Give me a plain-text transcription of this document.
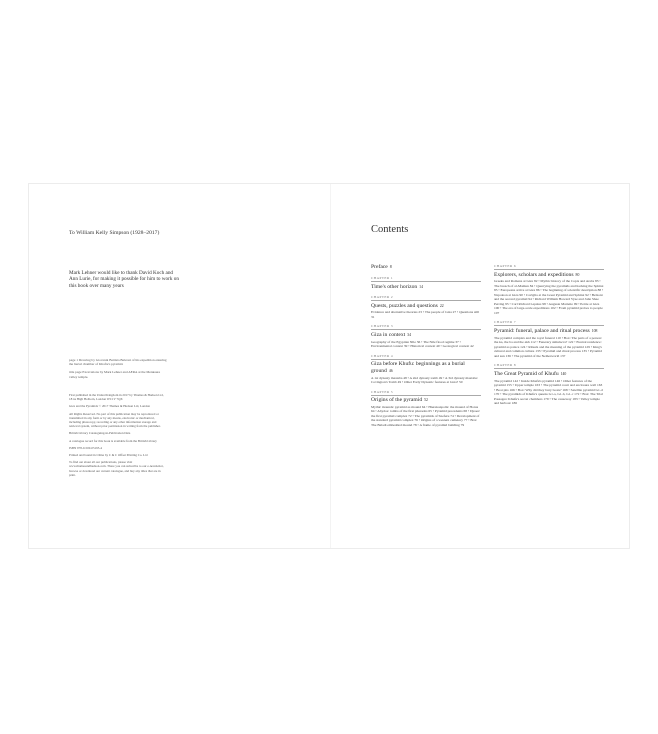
To William Kelly Simpson (1928–2017)
Mark Lehner would like to thank David Koch and Ann Lurie, for making it possible for him to work on this book over many years

page 1 Drawing by Giovanni Battista Belzoni of his expedition entering the burial chamber of Khafre's pyramid.

title page Excavations by Mark Lehner and AERA at the Menkaure valley temple.

First published in the United Kingdom in 2017 by Thames & Hudson Ltd, 181A High Holborn, London WC1V 7QX

Giza and the Pyramids © 2017 Thames & Hudson Ltd, London

All Rights Reserved. No part of this publication may be reproduced or transmitted in any form or by any means, electronic or mechanical, including photocopy, recording or any other information storage and retrieval system, without prior permission in writing from the publisher.

British Library Cataloguing-in-Publication Data

A catalogue record for this book is available from the British Library

ISBN 978-0-500-05195-4

Printed and bound in China by C & C Offset Printing Co. Ltd

To find out about all our publications, please visit www.thamesandhudson.com. There you can subscribe to our e-newsletter, browse or download our current catalogue, and buy any titles that are in print.

Contents
Preface 8
CHAPTER 1
Time's other horizon 14
CHAPTER 2
Quests, puzzles and questions 22
Evidence and alternative theories 23 • The people of Giza 27 • Questions still 31
CHAPTER 3
Giza in context 34
Geography of the Egyptian Nile 36 • The Nile flood regime 37 • Environmental context 39 • Historical context 40 • Geological context 42
CHAPTER 4
Giza before Khufu: beginnings as a burial ground 46
A 1st dynasty mastaba 48 • A 2nd dynasty tomb 49 • A 3rd dynasty mastaba: Covington's Tomb 49 • Other Early Dynastic features at Giza? 50
CHAPTER 5
Origins of the pyramid 52
Mythic mounds: pyramid as mound 64 • Hierakonpolis: the mound of Horus 64 • Abydos: tombs of the first pharaohs 65 • Pyramid precedents 68 • Djoser: the first pyramid complex 72 • The pyramids of Sneferu 74 • Development of the standard pyramid complex 76 • Origins of a western cemetery 77 • Box: The Baladi embedded mound 78 • A frame of pyramid building 79
CHAPTER 6
Explorers, scholars and expeditions 80
Greeks and Romans at Giza 82 • Mythic history of the Copts and Arabs 83 • The breach of al-Mamun 84 • Quarrying the pyramids and hacking the Sphinx 85 • Europeans arrive at Giza 86 • The beginning of scientific description 88 • Napoleon at Giza 90 • Caviglia at the Great Pyramid and Sphinx 92 • Belzoni and the second pyramid 94 • Richard William Howard Vyse and John Shae Perring 95 • Carl Richard Lepsius 98 • Auguste Mariette 99 • Petrie at Giza 100 • The era of large-scale expeditions 102 • From pyramid probes to people 107
CHAPTER 7
Pyramid: funeral, palace and ritual process 108
The pyramid complex and the royal funeral 110 • Box: The parts of a person: the ka, the ba and the akh 112 • Funerary simulacra? 122 • Eternal residence: pyramid as palace 124 • Rituals and the meaning of the pyramid 129 • King's cultural and common culture 133 • Pyramid and ritual process 135 • Pyramid and sun 136 • The pyramid of the Netherworld 137
CHAPTER 8
The Great Pyramid of Khufu 140
The pyramid 142 • Inside Khufu's pyramid 146 • Other features of the pyramid 155 • Upper temple 163 • The pyramid court and enclosure wall 163 • Boat pits 166 • Box: Why did they bury boats? 168 • Satellite pyramid G1-d 170 • The pyramids of Khufu's queens G1-a, G1-b, G1-c 172 • Box: The Trial Passages: Khufu's secret chambers 179 • The causeway 183 • Valley temple and harbour 186
